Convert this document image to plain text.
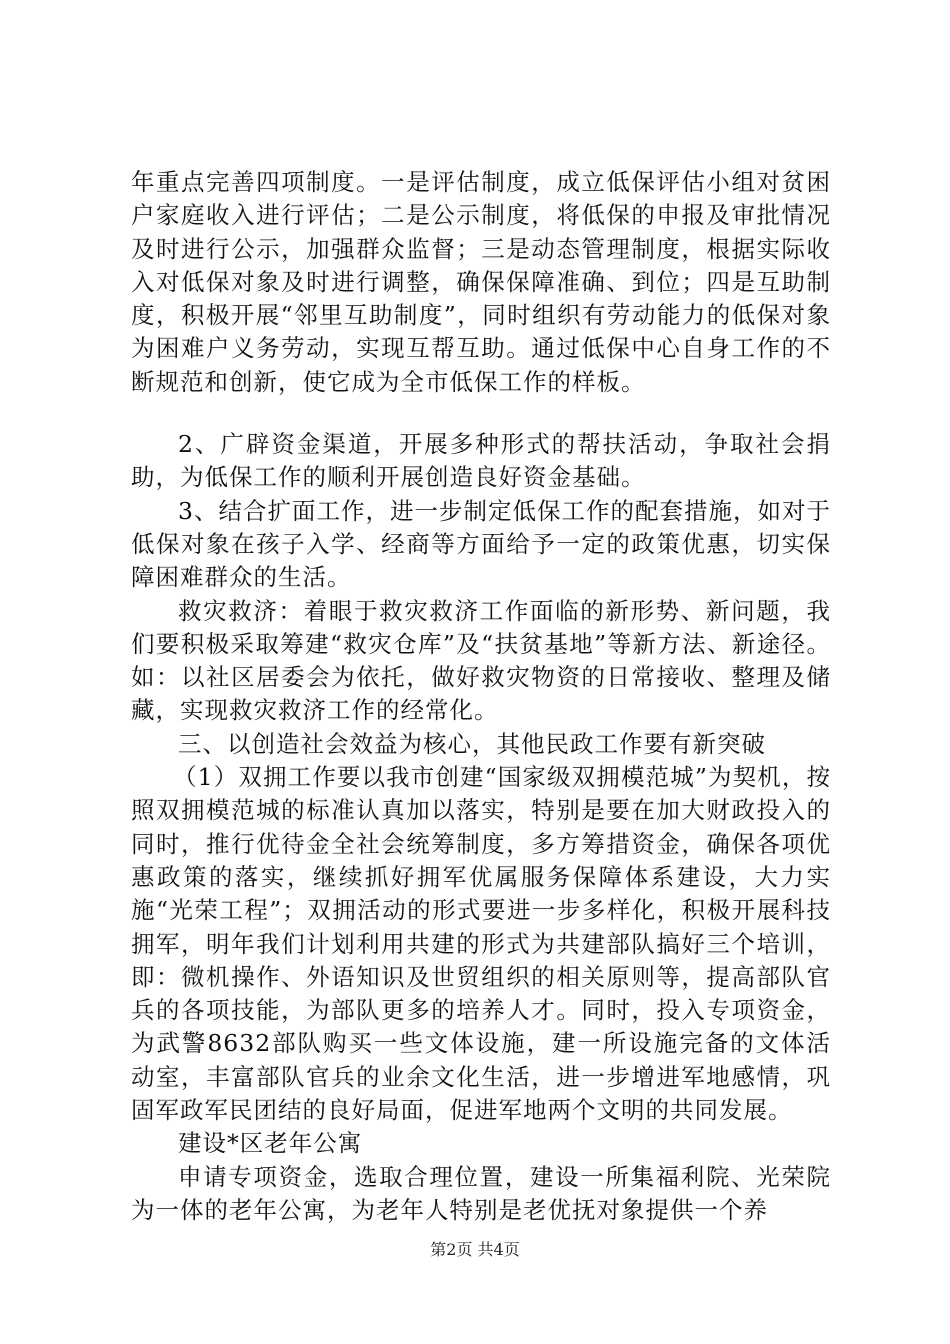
年重点完善四项制度。一是评估制度，成立低保评估小组对贫困户家庭收入进行评估；二是公示制度，将低保的申报及审批情况及时进行公示，加强群众监督；三是动态管理制度，根据实际收入对低保对象及时进行调整，确保保障准确、到位；四是互助制度，积极开展“邻里互助制度”，同时组织有劳动能力的低保对象为困难户义务劳动，实现互帮互助。通过低保中心自身工作的不断规范和创新，使它成为全市低保工作的样板。

2、广辟资金渠道，开展多种形式的帮扶活动，争取社会捐助，为低保工作的顺利开展创造良好资金基础。

3、结合扩面工作，进一步制定低保工作的配套措施，如对于低保对象在孩子入学、经商等方面给予一定的政策优惠，切实保障困难群众的生活。

救灾救济：着眼于救灾救济工作面临的新形势、新问题，我们要积极采取筹建“救灾仓库”及“扶贫基地”等新方法、新途径。如：以社区居委会为依托，做好救灾物资的日常接收、整理及储藏，实现救灾救济工作的经常化。

三、以创造社会效益为核心，其他民政工作要有新突破

（1）双拥工作要以我市创建“国家级双拥模范城”为契机，按照双拥模范城的标准认真加以落实，特别是要在加大财政投入的同时，推行优待金全社会统筹制度，多方筹措资金，确保各项优惠政策的落实，继续抓好拥军优属服务保障体系建设，大力实施“光荣工程”；双拥活动的形式要进一步多样化，积极开展科技拥军，明年我们计划利用共建的形式为共建部队搞好三个培训，即：微机操作、外语知识及世贸组织的相关原则等，提高部队官兵的各项技能，为部队更多的培养人才。同时，投入专项资金，为武警8632部队购买一些文体设施，建一所设施完备的文体活动室，丰富部队官兵的业余文化生活，进一步增进军地感情，巩固军政军民团结的良好局面，促进军地两个文明的共同发展。

建设*区老年公寓

申请专项资金，选取合理位置，建设一所集福利院、光荣院为一体的老年公寓，为老年人特别是老优抚对象提供一个养

第2页 共4页
